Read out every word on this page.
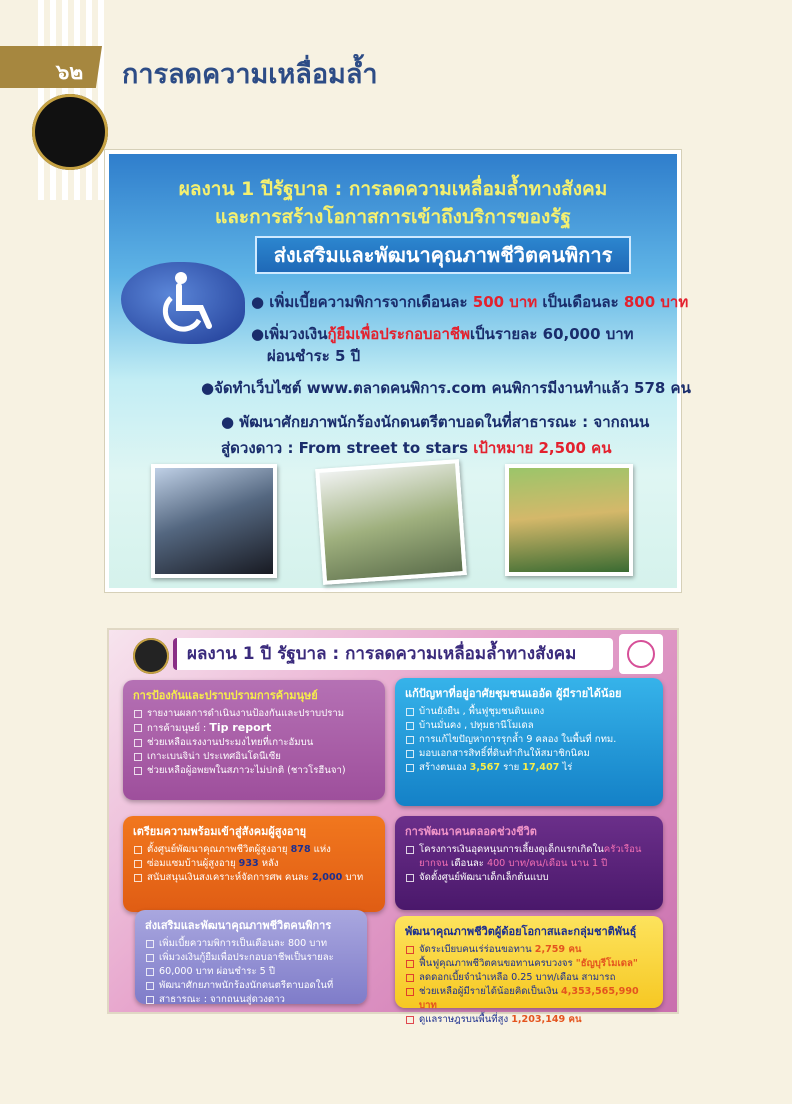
๖๒ การลดความเหลื่อมล้ำ
ผลงาน 1 ปีรัฐบาล : การลดความเหลื่อมล้ำทางสังคม
และการสร้างโอกาสการเข้าถึงบริการของรัฐ
ส่งเสริมและพัฒนาคุณภาพชีวิตคนพิการ
● เพิ่มเบี้ยความพิการจากเดือนละ 500 บาท เป็นเดือนละ 800 บาท
●เพิ่มวงเงินกู้ยืมเพื่อประกอบอาชีพเป็นรายละ 60,000 บาท
ผ่อนชำระ 5 ปี
●จัดทำเว็บไซต์ www.ตลาดคนพิการ.com คนพิการมีงานทำแล้ว 578 คน
● พัฒนาศักยภาพนักร้องนักดนตรีตาบอดในที่สาธารณะ : จากถนน
สู่ดวงดาว : From street to stars เป้าหมาย 2,500 คน
ผลงาน 1 ปี รัฐบาล : การลดความเหลื่อมล้ำทางสังคม
การป้องกันและปราบปรามการค้ามนุษย์
รายงานผลการดำเนินงานป้องกันและปราบปราม
การค้ามนุษย์ : Tip report
ช่วยเหลือแรงงานประมงไทยที่เกาะอัมบน
เกาะเบนจิน่า ประเทศอินโดนีเซีย
ช่วยเหลือผู้อพยพในสภาวะไม่ปกติ (ชาวโรฮีนจา)
แก้ปัญหาที่อยู่อาศัยชุมชนแออัด ผู้มีรายได้น้อย
บ้านยังยืน , พื้นฟูชุมชนดินแดง
บ้านมั่นคง , ปทุมธานีโมเดล
การแก้ไขปัญหาการรุกล้ำ 9 คลอง ในพื้นที่ กทม.
มอบเอกสารสิทธิ์ที่ดินทำกินให้สมาชิกนิคม
สร้างตนเอง 3,567 ราย 17,407 ไร่
เตรียมความพร้อมเข้าสู่สังคมผู้สูงอายุ
ตั้งศูนย์พัฒนาคุณภาพชีวิตผู้สูงอายุ 878 แห่ง
ซ่อมแซมบ้านผู้สูงอายุ 933 หลัง
สนับสนุนเงินสงเคราะห์จัดการศพ คนละ 2,000 บาท
การพัฒนาคนตลอดช่วงชีวิต
โครงการเงินอุดหนุนการเลี้ยงดูเด็กแรกเกิดในครัวเรือนยากจน เดือนละ 400 บาท/คน/เดือน นาน 1 ปี
จัดตั้งศูนย์พัฒนาเด็กเล็กต้นแบบ
ส่งเสริมและพัฒนาคุณภาพชีวิตคนพิการ
เพิ่มเบี้ยความพิการเป็นเดือนละ 800 บาท
เพิ่มวงเงินกู้ยืมเพื่อประกอบอาชีพเป็นรายละ
60,000 บาท ผ่อนชำระ 5 ปี
พัฒนาศักยภาพนักร้องนักดนตรีตาบอดในที่
สาธารณะ : จากถนนสู่ดวงดาว
พัฒนาคุณภาพชีวิตผู้ด้อยโอกาสและกลุ่มชาติพันธุ์
จัดระเบียบคนเร่ร่อนขอทาน 2,759 คน
ฟื้นฟูคุณภาพชีวิตคนขอทานครบวงจร "ธัญบุรีโมเดล"
ลดดอกเบี้ยจำนำเหลือ 0.25 บาท/เดือน สามารถ
ช่วยเหลือผู้มีรายได้น้อยคิดเป็นเงิน 4,353,565,990 บาท
ดูแลราษฎรบนพื้นที่สูง 1,203,149 คน
